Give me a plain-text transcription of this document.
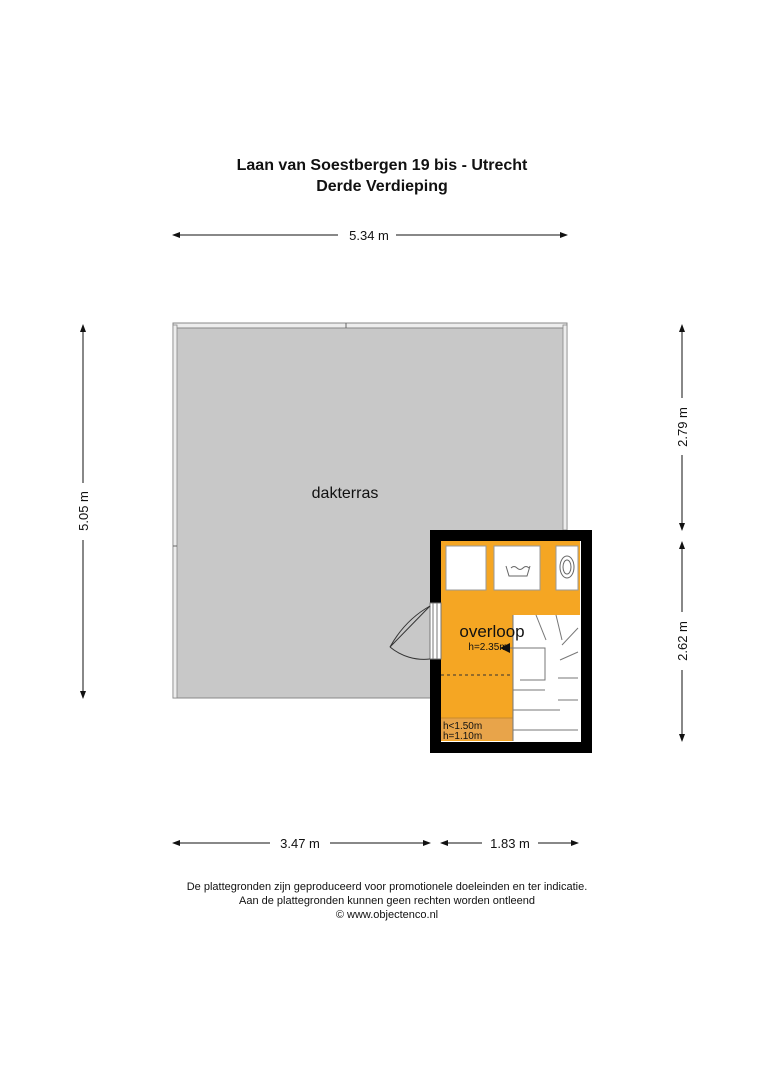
Laan van Soestbergen 19 bis - Utrecht
Derde Verdieping
dakterras
overloop
h=2.35m
h<1.50m
h=1.10m
5.34 m
5.05 m
2.79 m
2.62 m
3.47 m	1.83 m
De plattegronden zijn geproduceerd voor promotionele doeleinden en ter indicatie.
Aan de plattegronden kunnen geen rechten worden ontleend
© www.objectenco.nl
